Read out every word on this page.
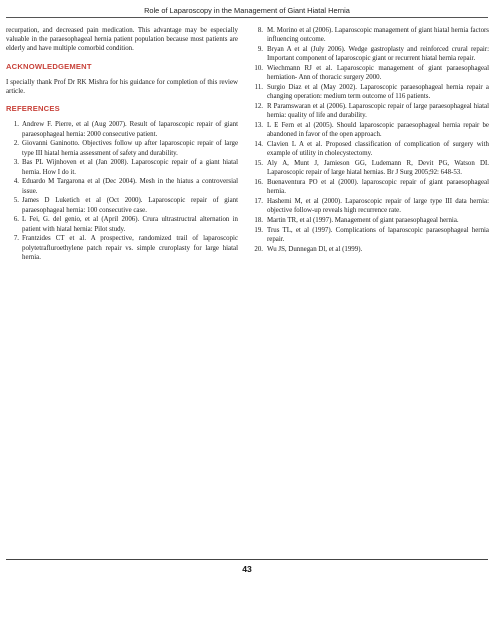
Role of Laparoscopy in the Management of Giant Hiatal Hernia

recurpation, and decreased pain medication. This advantage may be especially valuable in the paraesophageal hernia patient population because most patients are elderly and have multiple comorbid condition.

ACKNOWLEDGEMENT

I specially thank Prof Dr RK Mishra for his guidance for completion of this review article.

REFERENCES
1. Andrew F. Pierre, et al (Aug 2007). Result of laparoscopic repair of giant paraesophageal hernia: 2000 consecutive patient.
2. Giovanni Ganinotto. Objectives follow up after laparoscopic repair of large type III hiatal hernia assessment of safety and durability.
3. Bas PL Wijnhoven et al (Jan 2008). Laparoscopic repair of a giant hiatal hernia. How I do it.
4. Eduardo M Targarona et al (Dec 2004). Mesh in the hiatus a controversial issue.
5. James D Luketich et al (Oct 2000). Laparoscopic repair of giant paraesophageal hernia: 100 consecutive case.
6. L Fei, G. del genio, et al (April 2006). Crura ultrastructral alternation in patient with hiatal hernia: Pilot study.
7. Frantzides CT et al. A prospective, randomized trail of laparoscopic polytetrafluroethylene patch repair vs. simple cruroplasty for large hiatal hernia.
8. M. Morino et al (2006). Laparoscopic management of giant hiatal hernia factors influencing outcome.
9. Bryan A et al (July 2006). Wedge gastroplasty and reinforced crural repair: Important component of laparoscopic giant or recurrent hiatal hernia repair.
10. Wiechmann RJ et al. Laparoscopic management of giant paraesophageal herniation- Ann of thoracic surgery 2000.
11. Surgio Diaz et al (May 2002). Laparoscopic paraesophageal hernia repair a changing operation: medium term outcome of 116 patients.
12. R Paramswaran et al (2006). Laparoscopic repair of large paraesophageal hiatal hernia: quality of life and durability.
13. L E Fern et al (2005). Should laparoscopic paraesophageal hernia repair be abandoned in favor of the open approach.
14. Clavien L A et al. Proposed classification of complication of surgery with example of utility in cholecystectomy.
15. Aly A, Munt J, Jamieson GG, Ludemann R, Devit PG, Watson DI. Laparoscopic repair of large hiatal hernias. Br J Surg 2005;92: 648-53.
16. Buenaventura PO et al (2000). laparoscopic repair of giant paraesophageal hernia.
17. Hashemi M, et al (2000). Laparoscopic repair of large type III data hernia: objective follow-up reveals high recurrence rate.
18. Martin TR, et al (1997). Management of giant paraesophageal hernia.
19. Trus TL, et al (1997). Complications of laparoscopic paraesophageal hernia repair.
20. Wu JS, Dunnegan Dl, et al (1999).
43
